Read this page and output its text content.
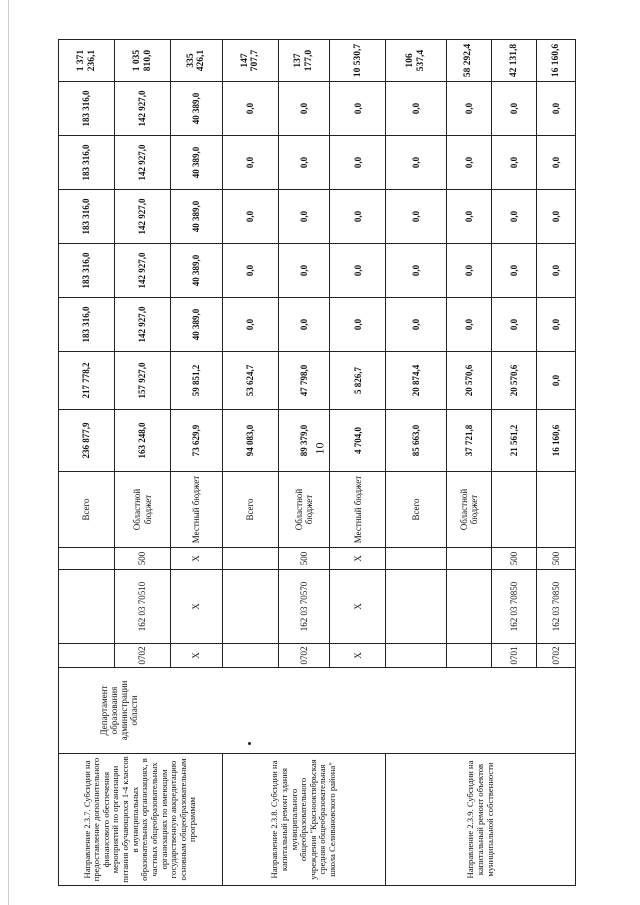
10
Направление 2.3.7. Субсидии на предоставление дополнительного финансового обеспечения мероприятий по организации питания обучающихся 1-4 классов в муниципальных образовательных организациях, в частных общеобразовательных организациях по имеющим государственную аккредитацию основным общеобразовательным программам	Департамент образования администрации области				Всего	236 877,9	217 778,2	183 316,0	183 316,0	183 316,0	183 316,0	183 316,0	1 371 236,1
		0702	162 03 70510	500	Областной бюджет	163 248,0	157 927,0	142 927,0	142 927,0	142 927,0	142 927,0	142 927,0	1 035 810,0
		Х	Х	Х	Местный бюджет	73 629,9	59 851,2	40 389,0	40 389,0	40 389,0	40 389,0	40 389,0	335 426,1
Направление 2.3.8. Субсидии на капитальный ремонт здания муниципального общеобразовательного учреждения "Краснооктябрьская средняя общеобразовательная школа Селивановского района"					Всего	94 083,0	53 624,7	0,0	0,0	0,0	0,0	0,0	147 707,7
		0702	162 03 70570	500	Областной бюджет	89 379,0	47 798,0	0,0	0,0	0,0	0,0	0,0	137 177,0
		Х	Х	Х	Местный бюджет	4 704,0	5 826,7	0,0	0,0	0,0	0,0	0,0	10 530,7
Направление 2.3.9. Субсидии на капитальный ремонт объектов муниципальной собственности					Всего	85 663,0	20 874,4	0,0	0,0	0,0	0,0	0,0	106 537,4
					Областной бюджет	37 721,8	20 570,6	0,0	0,0	0,0	0,0	0,0	58 292,4
		0701	162 03 70850	500		21 561,2	20 570,6	0,0	0,0	0,0	0,0	0,0	42 131,8
		0702	162 03 70850	500		16 160,6	0,0	0,0	0,0	0,0	0,0	0,0	16 160,6
